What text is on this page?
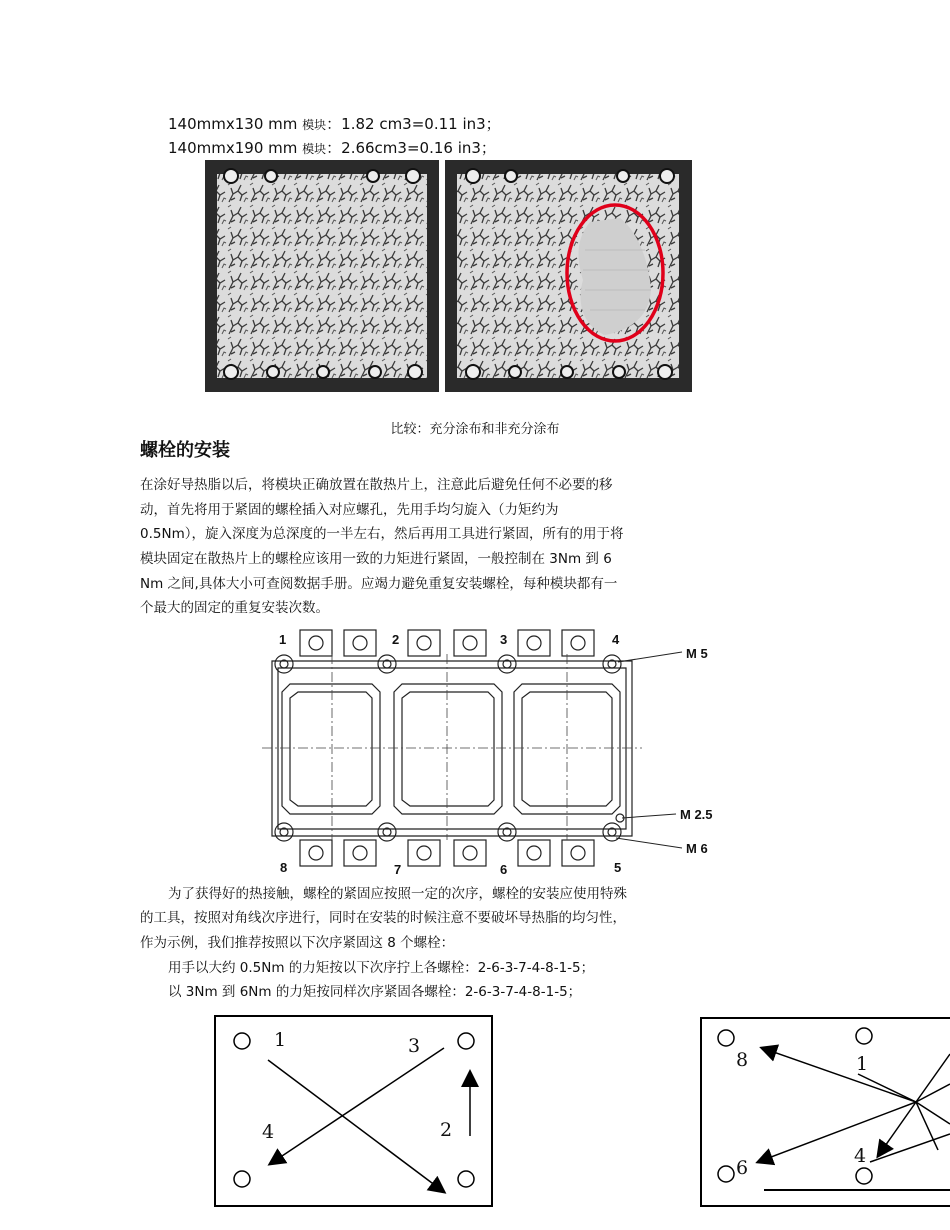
140mmx130 mm 模块：1.82 cm3=0.11 in3；
140mmx190 mm 模块：2.66cm3=0.16 in3；
比较：充分涂布和非充分涂布
螺栓的安装
在涂好导热脂以后，将模块正确放置在散热片上，注意此后避免任何不必要的移
动，首先将用于紧固的螺栓插入对应螺孔，先用手均匀旋入（力矩约为
0.5Nm），旋入深度为总深度的一半左右，然后再用工具进行紧固，所有的用于将
模块固定在散热片上的螺栓应该用一致的力矩进行紧固，一般控制在 3Nm 到 6
Nm 之间,具体大小可查阅数据手册。应竭力避免重复安装螺栓，每种模块都有一
个最大的固定的重复安装次数。
1	2	3	4
8	7	6	5
M 5
M 2.5
M 6
为了获得好的热接触，螺栓的紧固应按照一定的次序，螺栓的安装应使用特殊
的工具，按照对角线次序进行，同时在安装的时候注意不要破坏导热脂的均匀性，
作为示例，我们推荐按照以下次序紧固这 8 个螺栓：
用手以大约 0.5Nm 的力矩按以下次序拧上各螺栓：2-6-3-7-4-8-1-5；
以 3Nm 到 6Nm 的力矩按同样次序紧固各螺栓：2-6-3-7-4-8-1-5；
1	3
4	2
8	1
6
4
